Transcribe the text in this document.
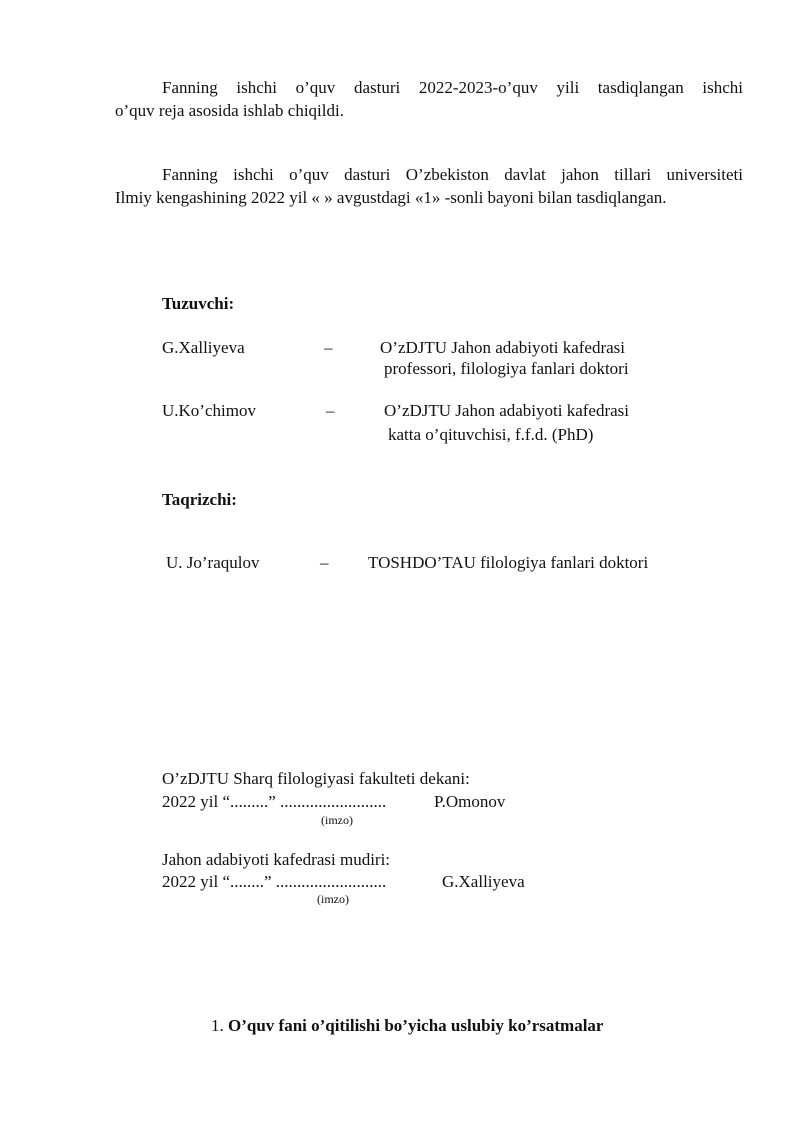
Fanning ishchi o’quv dasturi 2022-2023-o’quv yili tasdiqlangan ishchi
o’quv reja asosida ishlab chiqildi.
Fanning ishchi o’quv dasturi O’zbekiston davlat jahon tillari universiteti
Ilmiy kengashining 2022 yil « » avgustdagi «1» -sonli bayoni bilan tasdiqlangan.
Tuzuvchi:
G.Xalliyeva	–	O’zDJTU Jahon adabiyoti kafedrasi
professori, filologiya fanlari doktori
U.Ko’chimov	–	O’zDJTU Jahon adabiyoti kafedrasi
katta o’qituvchisi, f.f.d. (PhD)
Taqrizchi:
U. Jo’raqulov	– TOSHDO’TAU filologiya fanlari doktori
O’zDJTU Sharq filologiyasi fakulteti dekani:
2022 yil “.........” .........................	P.Omonov
(imzo)
Jahon adabiyoti kafedrasi mudiri:
2022 yil “........” ..........................	G.Xalliyeva
(imzo)
1. O’quv fani o’qitilishi bo’yicha uslubiy ko’rsatmalar
